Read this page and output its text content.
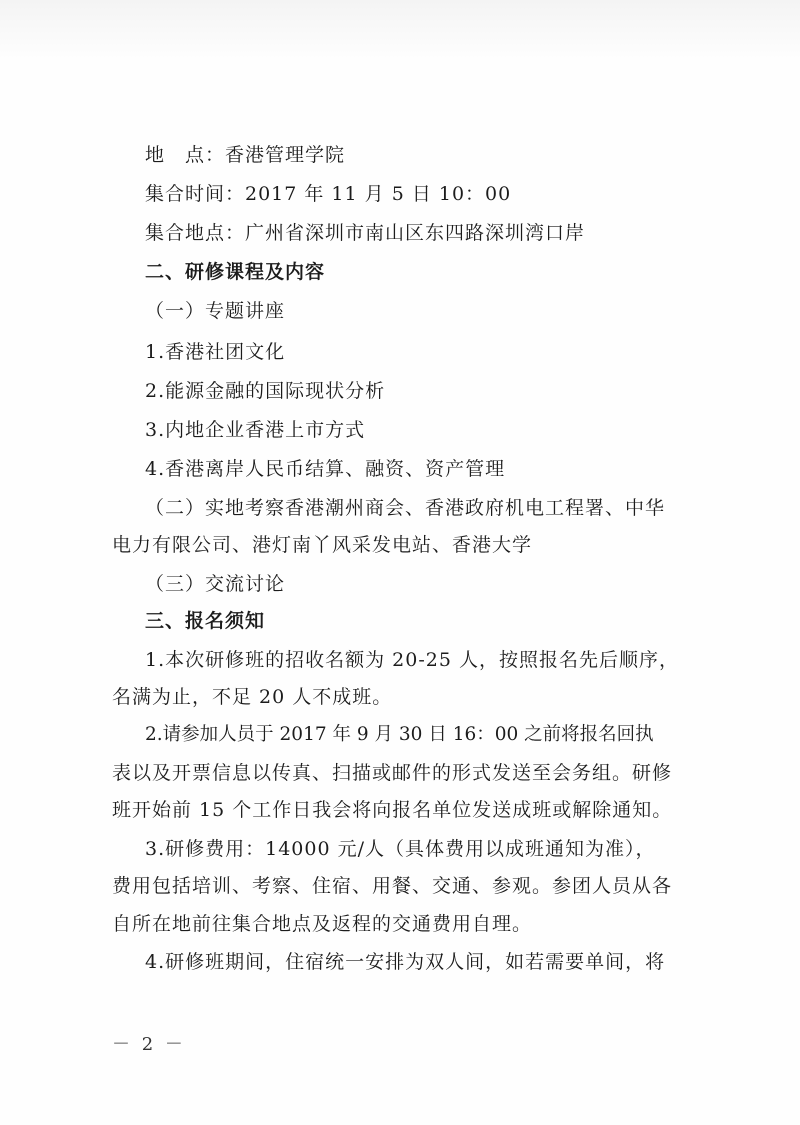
地　点：香港管理学院
集合时间：2017 年 11 月 5 日 10：00
集合地点：广州省深圳市南山区东四路深圳湾口岸
二、研修课程及内容
（一）专题讲座
1.香港社团文化
2.能源金融的国际现状分析
3.内地企业香港上市方式
4.香港离岸人民币结算、融资、资产管理
（二）实地考察香港潮州商会、香港政府机电工程署、中华
电力有限公司、港灯南丫风采发电站、香港大学
（三）交流讨论
三、报名须知
1.本次研修班的招收名额为 20-25 人，按照报名先后顺序，
名满为止，不足 20 人不成班。
2.请参加人员于 2017 年 9 月 30 日 16：00 之前将报名回执
表以及开票信息以传真、扫描或邮件的形式发送至会务组。研修
班开始前 15 个工作日我会将向报名单位发送成班或解除通知。
3.研修费用：14000 元/人（具体费用以成班通知为准），
费用包括培训、考察、住宿、用餐、交通、参观。参团人员从各
自所在地前往集合地点及返程的交通费用自理。
4.研修班期间，住宿统一安排为双人间，如若需要单间，将
－ 2 －
